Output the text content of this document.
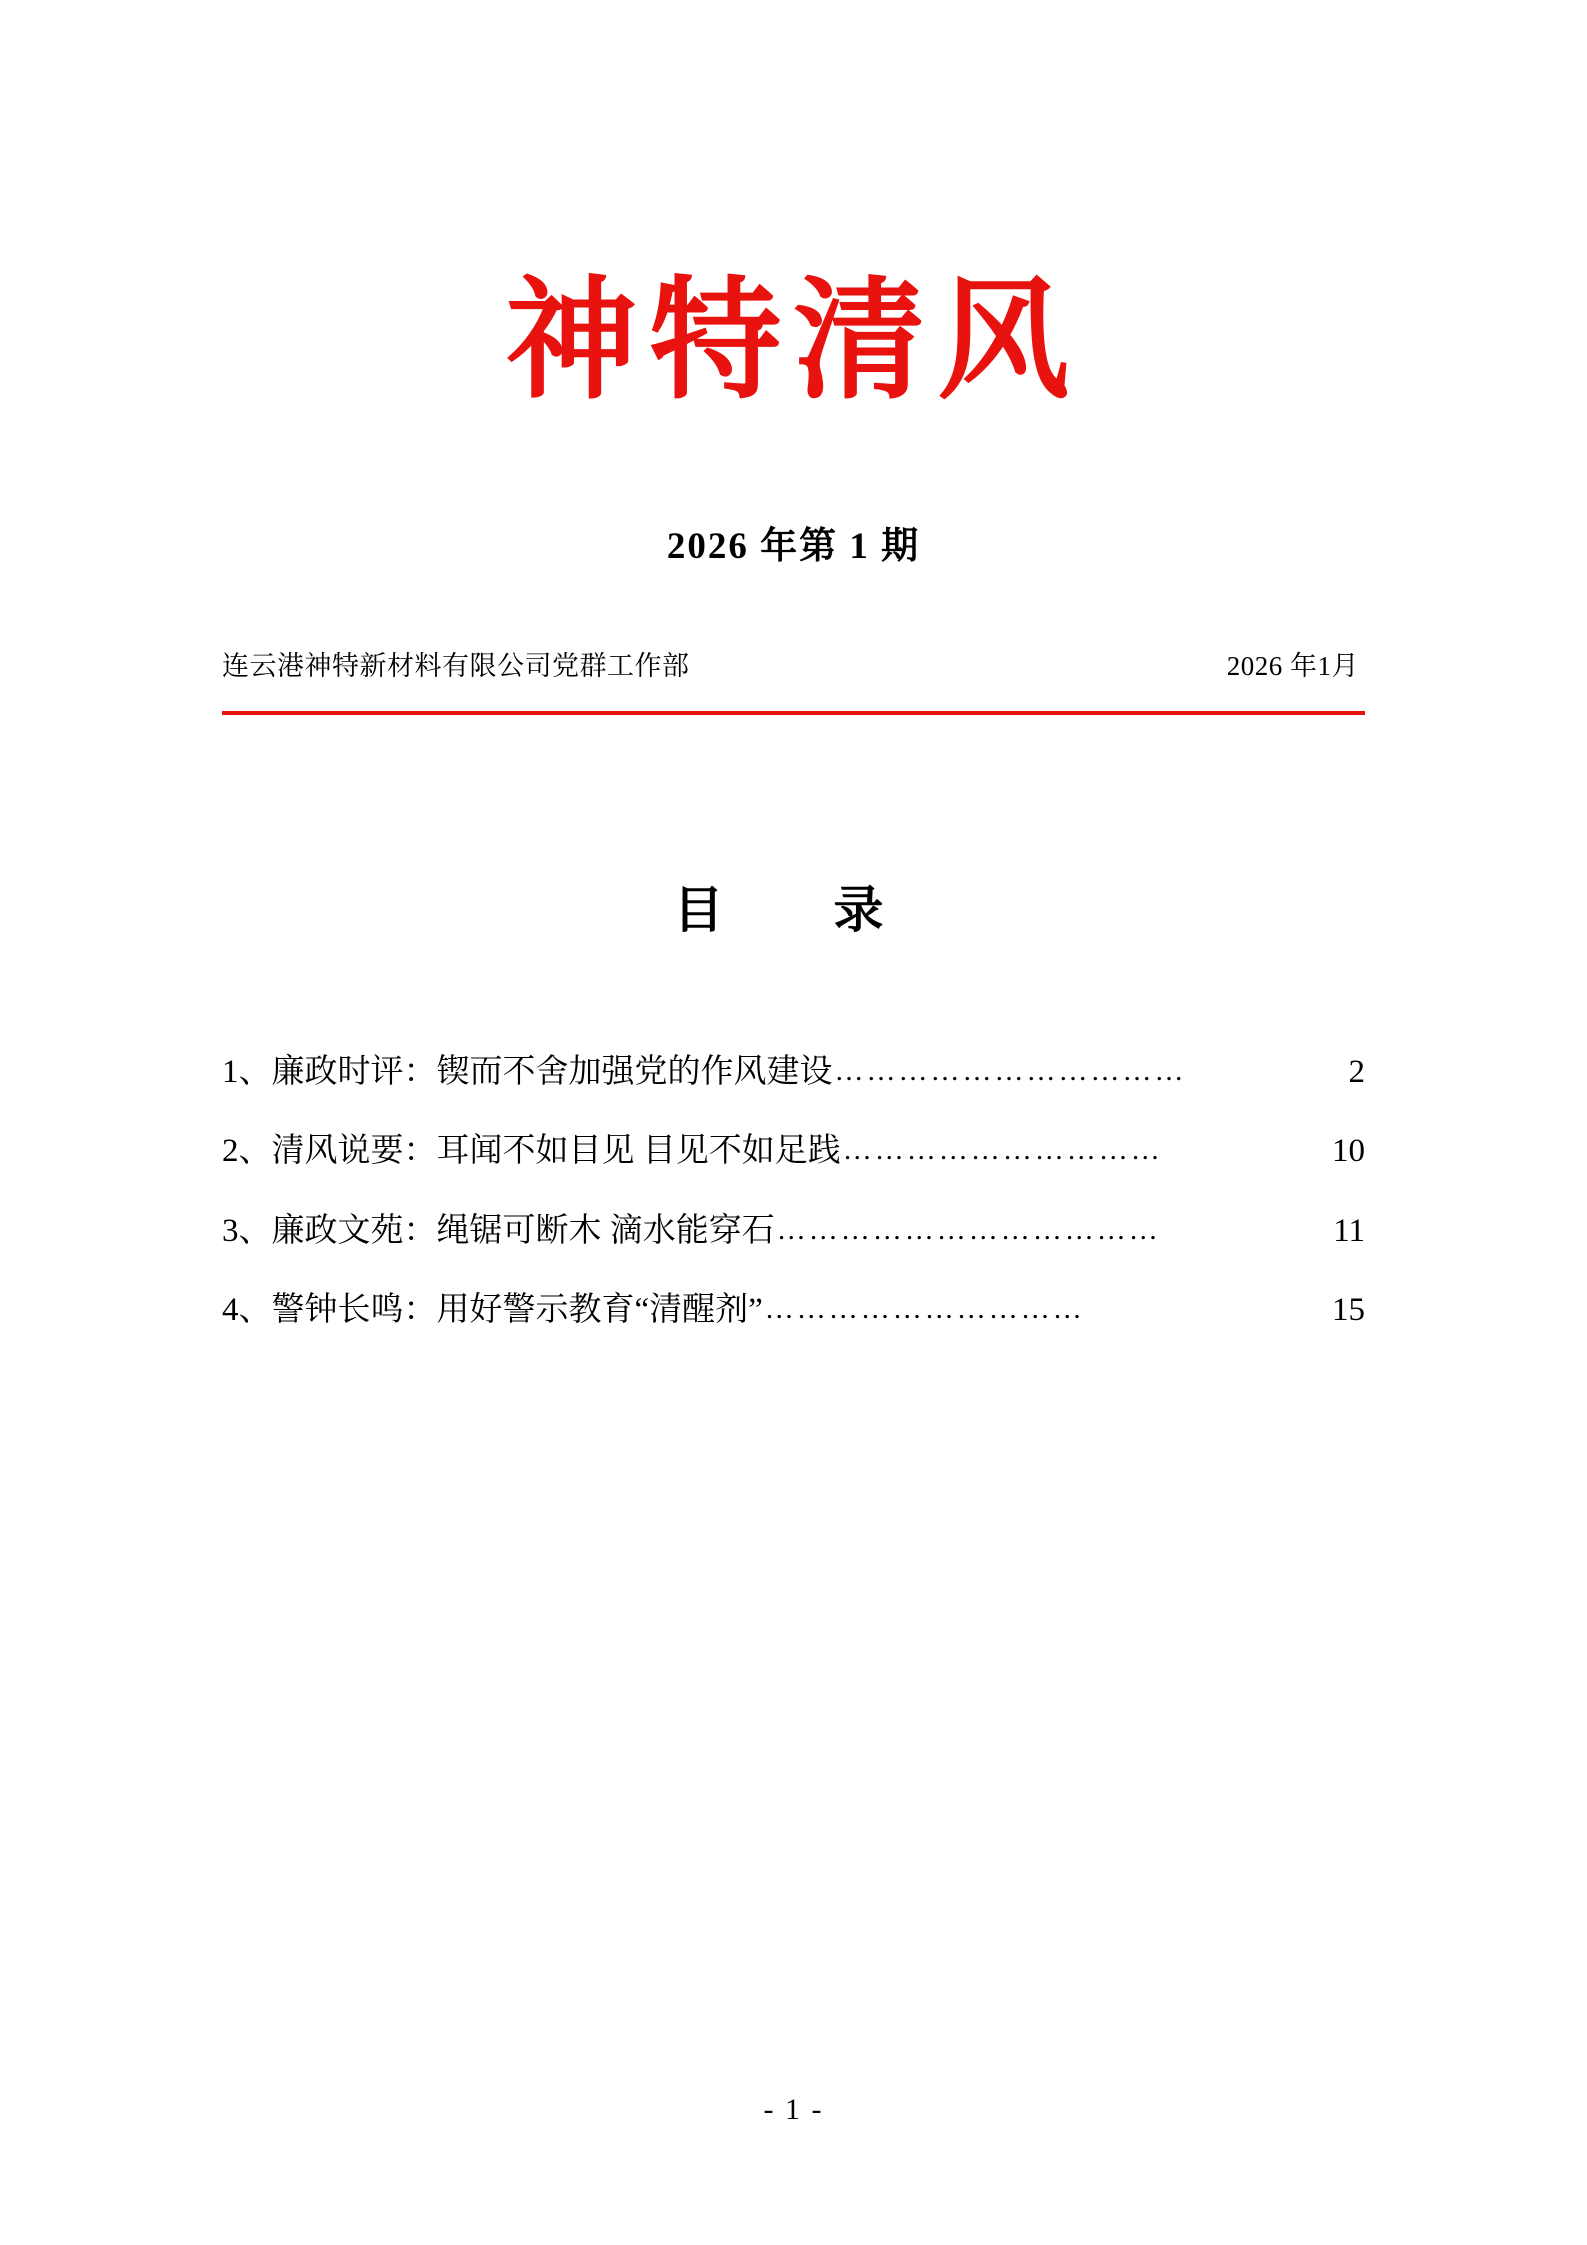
神特清风
2026 年第 1 期
连云港神特新材料有限公司党群工作部	2026 年1月
目　录
1、廉政时评：锲而不舍加强党的作风建设 ……………………………	2
2、清风说要：耳闻不如目见 目见不如足践 …………………………	10
3、廉政文苑：绳锯可断木 滴水能穿石 ………………………………	11
4、警钟长鸣：用好警示教育“清醒剂” …………………………	15
- 1 -
